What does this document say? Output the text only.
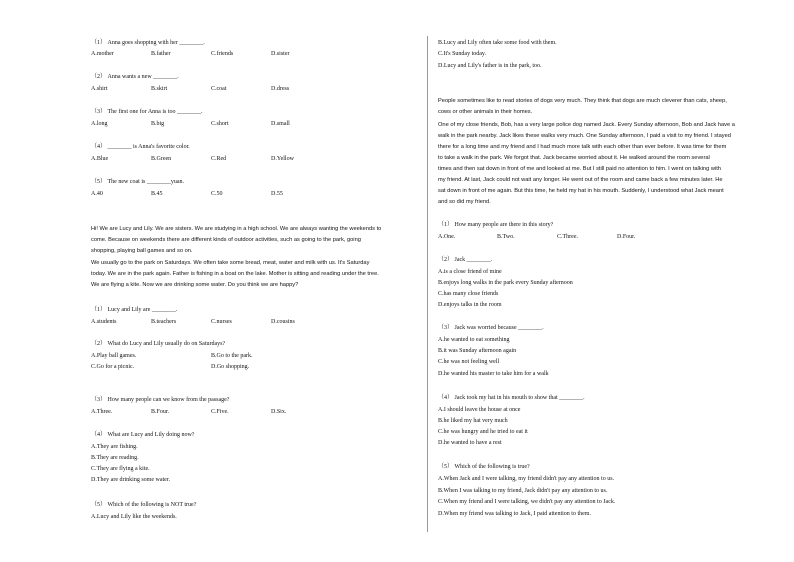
（1） Anna goes shopping with her ________.
A.mother	B.father	C.friends	D.sister
（2） Anna wants a new ________.
A.shirt	B.skirt	C.coat	D.dress
（3） The first one for Anna is too ________.
A.long	B.big	C.short	D.small
（4） ________ is Anna's favorite color.
A.Blue	B.Green	C.Red	D.Yellow
（5） The new coat is ________yuan.
A.40	B.45	C.50	D.55
Hi! We are Lucy and Lily. We are sisters. We are studying in a high school. We are always wanting the weekends to
come. Because on weekends there are different kinds of outdoor activities, such as going to the park, going
shopping, playing ball games and so on.
We usually go to the park on Saturdays. We often take some bread, meat, water and milk with us. It's Saturday
today. We are in the park again. Father is fishing in a boat on the lake. Mother is sitting and reading under the tree.
We are flying a kite. Now we are drinking some water. Do you think we are happy?
（1） Lucy and Lily are ________.
A.students	B.teachers	C.nurses	D.cousins
（2） What do Lucy and Lily usually do on Saturdays?
A.Play ball games.	B.Go to the park.
C.Go for a picnic.	D.Go shopping.
（3） How many people can we know from the passage?
A.Three.	B.Four.	C.Five.	D.Six.
（4） What are Lucy and Lily doing now?
A.They are fishing.
B.They are reading.
C.They are flying a kite.
D.They are drinking some water.
（5） Which of the following is NOT true?
A.Lucy and Lily like the weekends.
B.Lucy and Lily often take some food with them.
C.It's Sunday today.
D.Lucy and Lily's father is in the park, too.
People sometimes like to read stories of dogs very much. They think that dogs are much cleverer than cats, sheep,
cows or other animals in their homes.
One of my close friends, Bob, has a very large police dog named Jack. Every Sunday afternoon, Bob and Jack have a
walk in the park nearby. Jack likes these walks very much. One Sunday afternoon, I paid a visit to my friend. I stayed
there for a long time and my friend and I had much more talk with each other than ever before. It was time for them
to take a walk in the park. We forgot that. Jack became worried about it. He walked around the room several
times and then sat down in front of me and looked at me. But I still paid no attention to him. I went on talking with
my friend. At last, Jack could not wait any longer. He went out of the room and came back a few minutes later. He
sat down in front of me again. But this time, he held my hat in his mouth. Suddenly, I understood what Jack meant
and so did my friend.
（1） How many people are there in this story?
A.One.	B.Two.	C.Three.	D.Four.
（2） Jack ________.
A.is a close friend of mine
B.enjoys long walks in the park every Sunday afternoon
C.has many close friends
D.enjoys talks in the room
（3） Jack was worried because ________.
A.he wanted to eat something
B.it was Sunday afternoon again
C.he was not feeling well
D.he wanted his master to take him for a walk
（4） Jack took my hat in his mouth to show that ________.
A.I should leave the house at once
B.he liked my hat very much
C.he was hungry and he tried to eat it
D.he wanted to have a rest
（5） Which of the following is true?
A.When Jack and I were talking, my friend didn't pay any attention to us.
B.When I was talking to my friend, Jack didn't pay any attention to us.
C.When my friend and I were talking, we didn't pay any attention to Jack.
D.When my friend was talking to Jack, I paid attention to them.
